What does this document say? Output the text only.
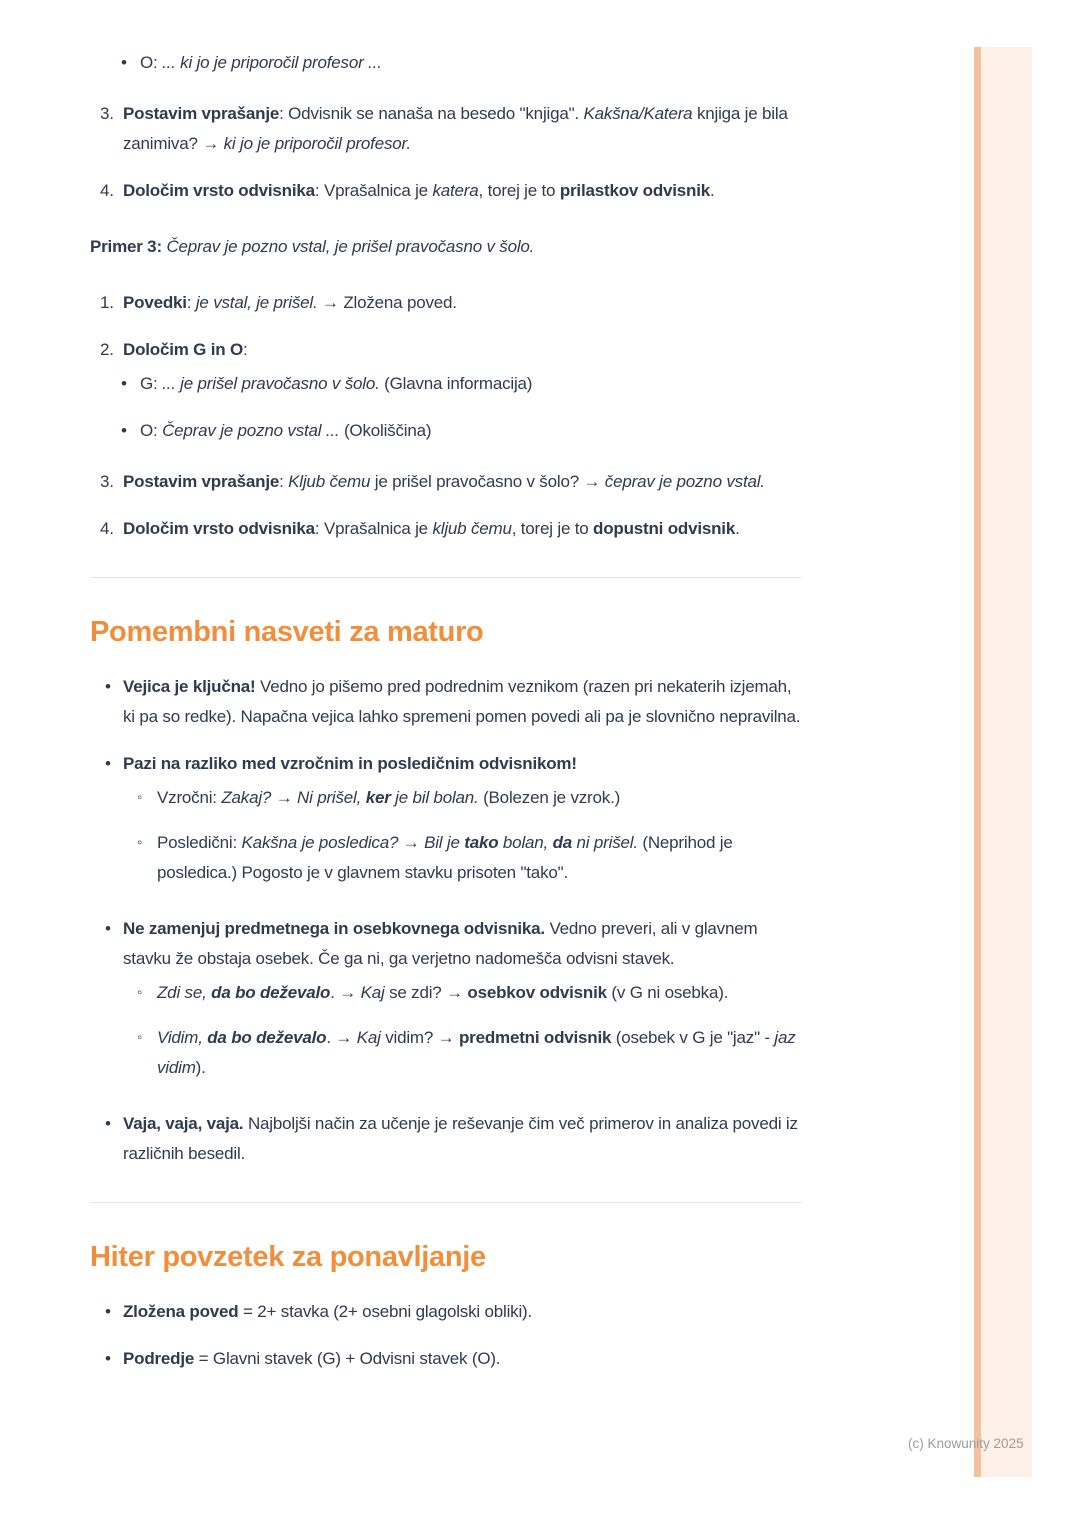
• O: ... ki jo je priporočil profesor ...
3. Postavim vprašanje: Odvisnik se nanaša na besedo "knjiga". Kakšna/Katera knjiga je bila zanimiva? → ki jo je priporočil profesor.
4. Določim vrsto odvisnika: Vprašalnica je katera, torej je to prilastkov odvisnik.
Primer 3: Čeprav je pozno vstal, je prišel pravočasno v šolo.
1. Povedki: je vstal, je prišel. → Zložena poved.
2. Določim G in O:
• G: ... je prišel pravočasno v šolo. (Glavna informacija)
• O: Čeprav je pozno vstal ... (Okoliščina)
3. Postavim vprašanje: Kljub čemu je prišel pravočasno v šolo? → čeprav je pozno vstal.
4. Določim vrsto odvisnika: Vprašalnica je kljub čemu, torej je to dopustni odvisnik.
Pomembni nasveti za maturo
• Vejica je ključna! Vedno jo pišemo pred podrednim veznikom (razen pri nekaterih izjemah, ki pa so redke). Napačna vejica lahko spremeni pomen povedi ali pa je slovnično nepravilna.
• Pazi na razliko med vzročnim in posledičnim odvisnikom!
◦ Vzročni: Zakaj? → Ni prišel, ker je bil bolan. (Bolezen je vzrok.)
◦ Posledični: Kakšna je posledica? → Bil je tako bolan, da ni prišel. (Neprihod je posledica.) Pogosto je v glavnem stavku prisoten "tako".
• Ne zamenjuj predmetnega in osebkovnega odvisnika. Vedno preveri, ali v glavnem stavku že obstaja osebek. Če ga ni, ga verjetno nadomešča odvisni stavek.
◦ Zdi se, da bo deževalo. → Kaj se zdi? → osebkov odvisnik (v G ni osebka).
◦ Vidim, da bo deževalo. → Kaj vidim? → predmetni odvisnik (osebek v G je "jaz" - jaz vidim).
• Vaja, vaja, vaja. Najboljši način za učenje je reševanje čim več primerov in analiza povedi iz različnih besedil.
Hiter povzetek za ponavljanje
• Zložena poved = 2+ stavka (2+ osebni glagolski obliki).
• Podredje = Glavni stavek (G) + Odvisni stavek (O).
(c) Knowunity 2025
